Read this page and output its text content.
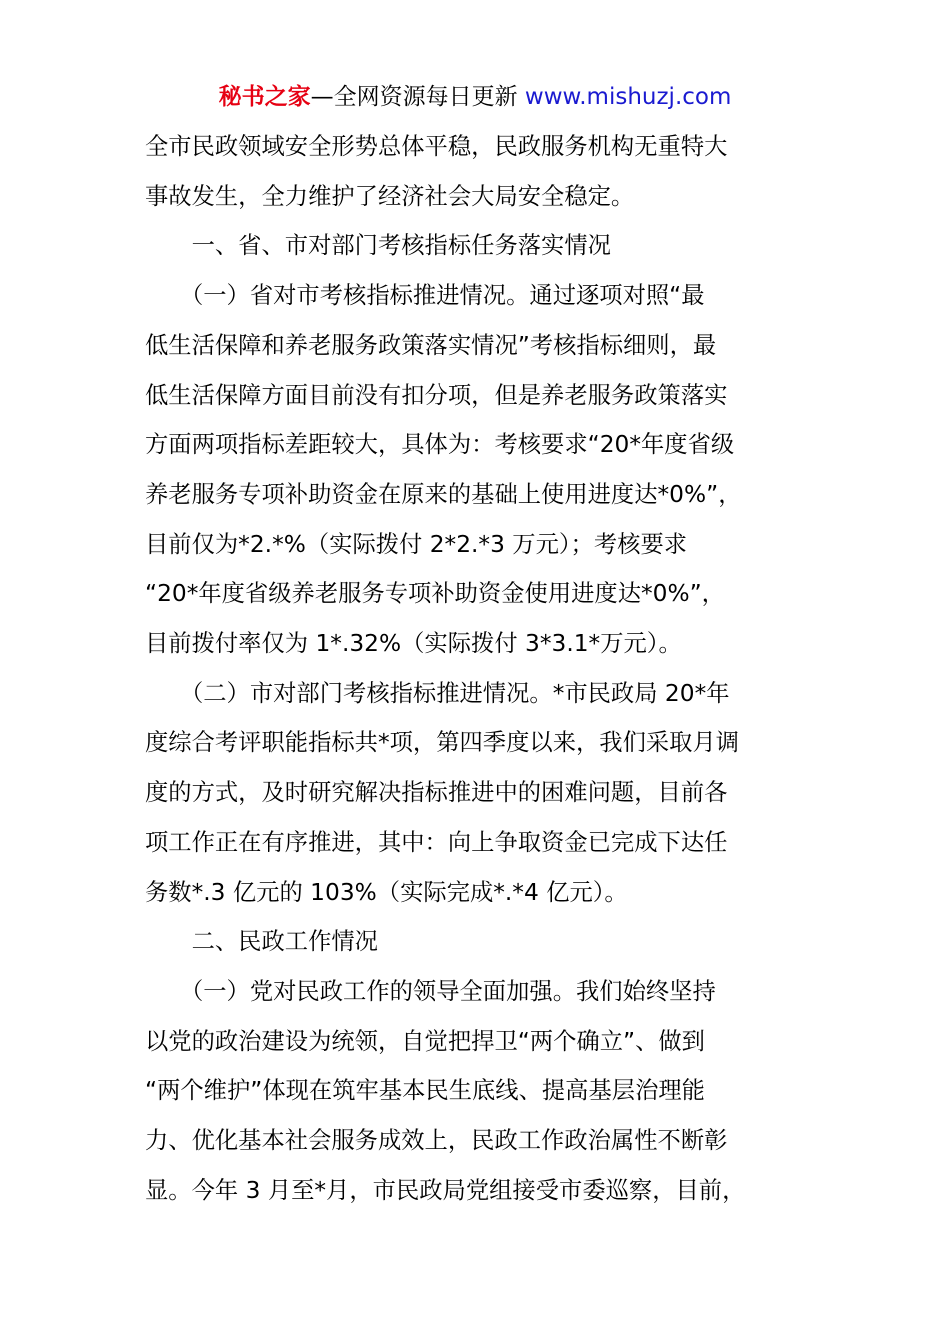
秘书之家—全网资源每日更新 www.mishuzj.com

全市民政领域安全形势总体平稳，民政服务机构无重特大

事故发生，全力维护了经济社会大局安全稳定。

　　一、省、市对部门考核指标任务落实情况

　　（一）省对市考核指标推进情况。通过逐项对照“最

低生活保障和养老服务政策落实情况”考核指标细则，最

低生活保障方面目前没有扣分项，但是养老服务政策落实

方面两项指标差距较大，具体为：考核要求“20*年度省级

养老服务专项补助资金在原来的基础上使用进度达*0%”，

目前仅为*2.*%（实际拨付 2*2.*3 万元）；考核要求

“20*年度省级养老服务专项补助资金使用进度达*0%”，

目前拨付率仅为 1*.32%（实际拨付 3*3.1*万元）。

　　（二）市对部门考核指标推进情况。*市民政局 20*年

度综合考评职能指标共*项，第四季度以来，我们采取月调

度的方式，及时研究解决指标推进中的困难问题，目前各

项工作正在有序推进，其中：向上争取资金已完成下达任

务数*.3 亿元的 103%（实际完成*.*4 亿元）。

　　二、民政工作情况

　　（一）党对民政工作的领导全面加强。我们始终坚持

以党的政治建设为统领，自觉把捍卫“两个确立”、做到

“两个维护”体现在筑牢基本民生底线、提高基层治理能

力、优化基本社会服务成效上，民政工作政治属性不断彰

显。今年 3 月至*月，市民政局党组接受市委巡察，目前，
